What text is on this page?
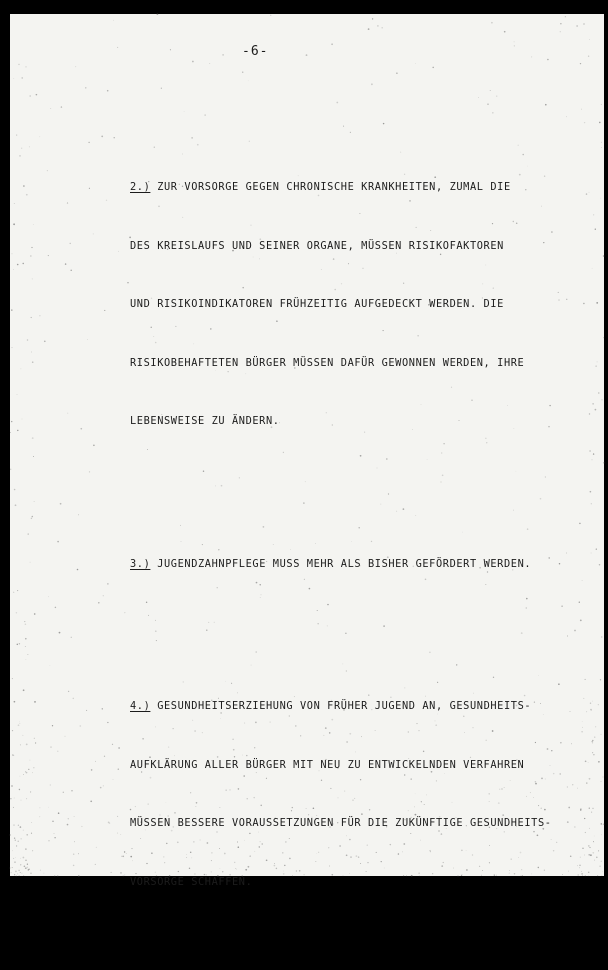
-6-

2.) ZUR VORSORGE GEGEN CHRONISCHE KRANKHEITEN, ZUMAL DIE

DES KREISLAUFS UND SEINER ORGANE, MÜSSEN RISIKOFAKTOREN

UND RISIKOINDIKATOREN FRÜHZEITIG AUFGEDECKT WERDEN. DIE

RISIKOBEHAFTETEN BÜRGER MÜSSEN DAFÜR GEWONNEN WERDEN, IHRE

LEBENSWEISE ZU ÄNDERN.

3.) JUGENDZAHNPFLEGE MUSS MEHR ALS BISHER GEFÖRDERT WERDEN.

4.) GESUNDHEITSERZIEHUNG VON FRÜHER JUGEND AN, GESUNDHEITS-

AUFKLÄRUNG ALLER BÜRGER MIT NEU ZU ENTWICKELNDEN VERFAHREN

MÜSSEN BESSERE VORAUSSETZUNGEN FÜR DIE ZUKÜNFTIGE GESUNDHEITS-

VORSORGE SCHAFFEN.
